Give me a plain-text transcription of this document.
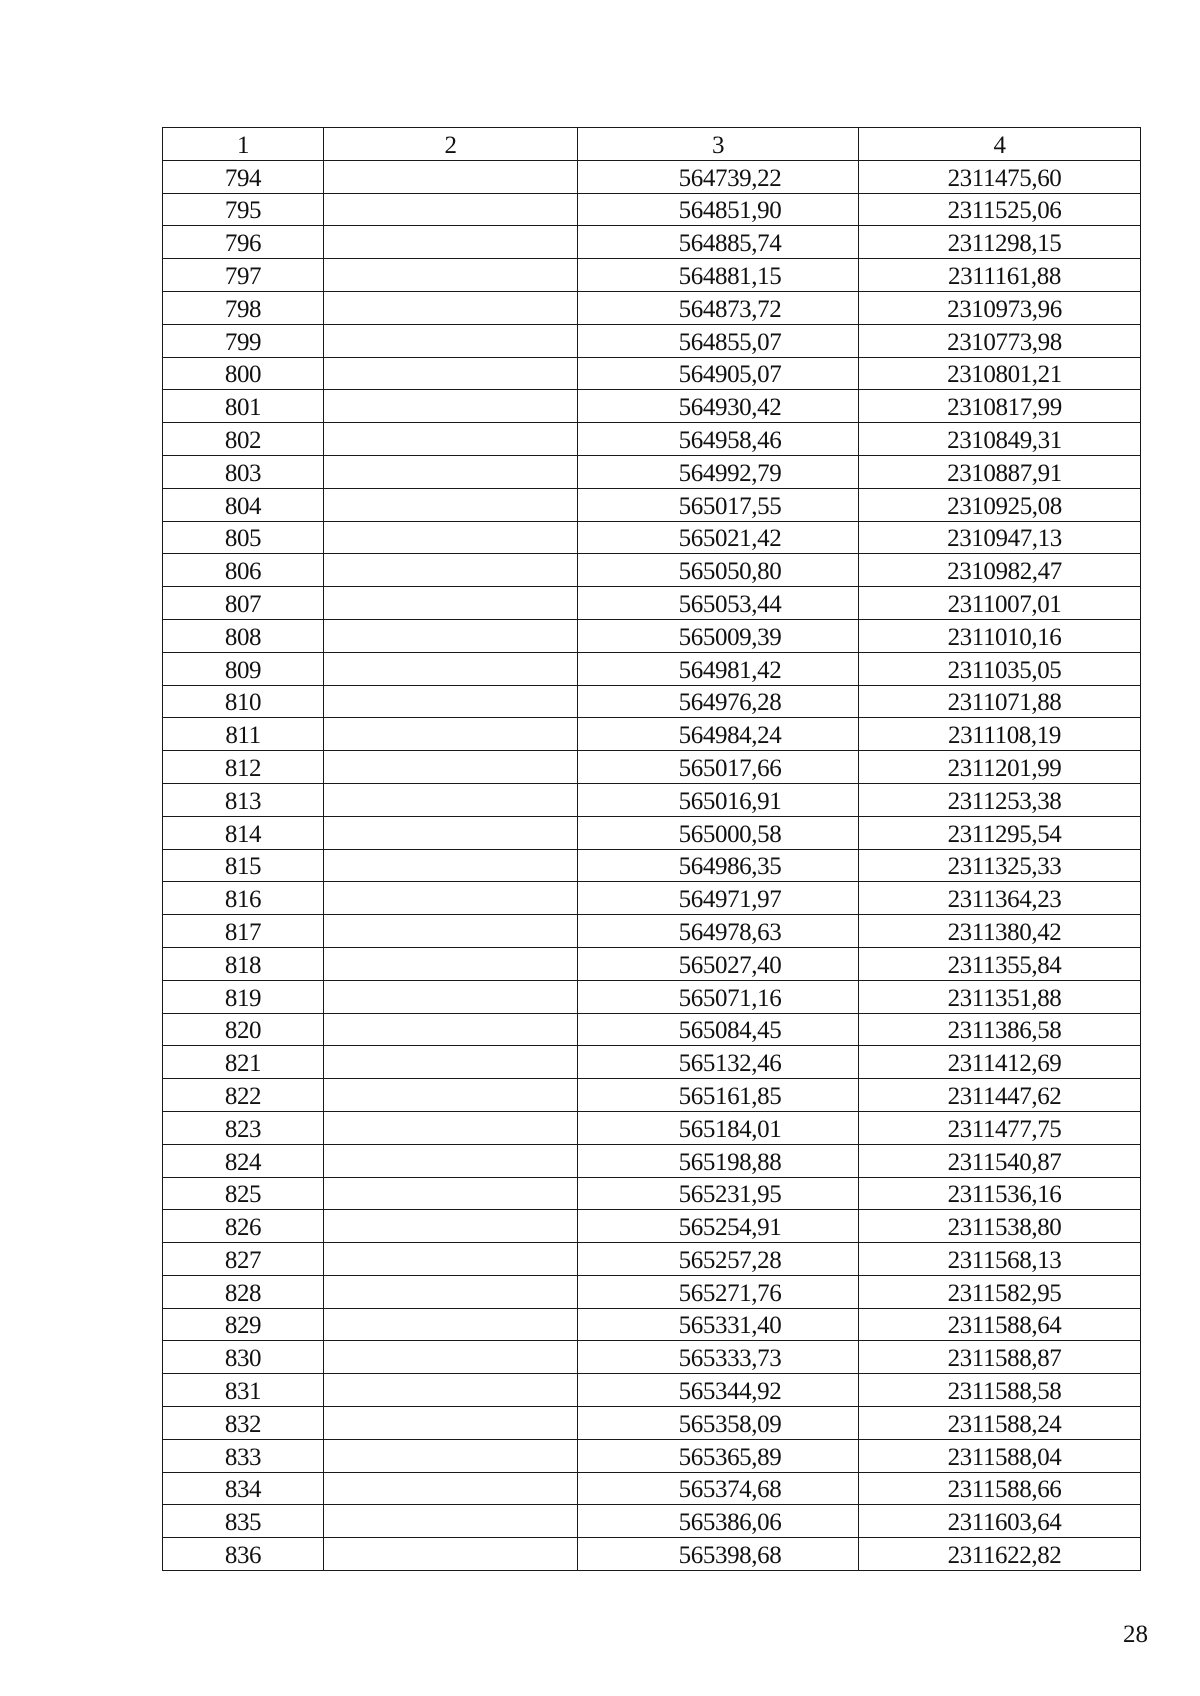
1	2	3	4
794		564739,22	2311475,60
795		564851,90	2311525,06
796		564885,74	2311298,15
797		564881,15	2311161,88
798		564873,72	2310973,96
799		564855,07	2310773,98
800		564905,07	2310801,21
801		564930,42	2310817,99
802		564958,46	2310849,31
803		564992,79	2310887,91
804		565017,55	2310925,08
805		565021,42	2310947,13
806		565050,80	2310982,47
807		565053,44	2311007,01
808		565009,39	2311010,16
809		564981,42	2311035,05
810		564976,28	2311071,88
811		564984,24	2311108,19
812		565017,66	2311201,99
813		565016,91	2311253,38
814		565000,58	2311295,54
815		564986,35	2311325,33
816		564971,97	2311364,23
817		564978,63	2311380,42
818		565027,40	2311355,84
819		565071,16	2311351,88
820		565084,45	2311386,58
821		565132,46	2311412,69
822		565161,85	2311447,62
823		565184,01	2311477,75
824		565198,88	2311540,87
825		565231,95	2311536,16
826		565254,91	2311538,80
827		565257,28	2311568,13
828		565271,76	2311582,95
829		565331,40	2311588,64
830		565333,73	2311588,87
831		565344,92	2311588,58
832		565358,09	2311588,24
833		565365,89	2311588,04
834		565374,68	2311588,66
835		565386,06	2311603,64
836		565398,68	2311622,82
28
